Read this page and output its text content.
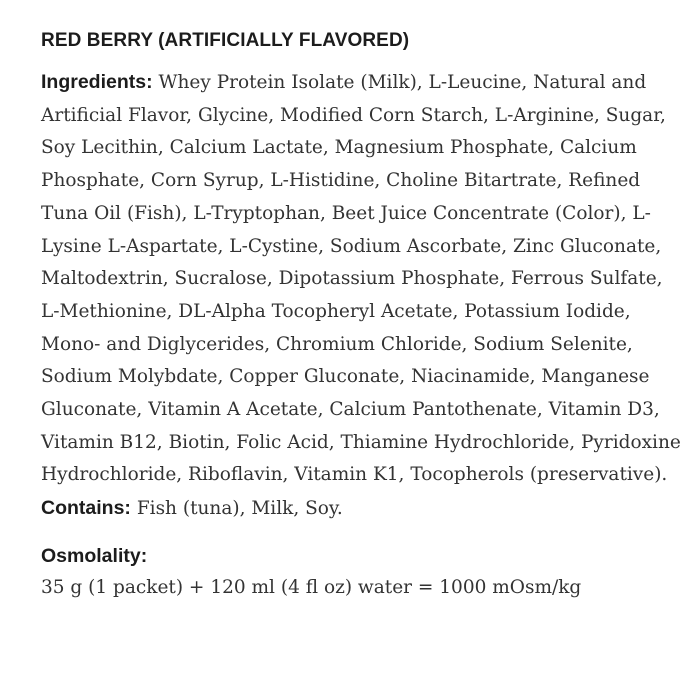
RED BERRY (ARTIFICIALLY FLAVORED)

Ingredients: Whey Protein Isolate (Milk), L-Leucine, Natural and Artificial Flavor, Glycine, Modified Corn Starch, L-Arginine, Sugar, Soy Lecithin, Calcium Lactate, Magnesium Phosphate, Calcium Phosphate, Corn Syrup, L-Histidine, Choline Bitartrate, Refined Tuna Oil (Fish), L-Tryptophan, Beet Juice Concentrate (Color), L-Lysine L-Aspartate, L-Cystine, Sodium Ascorbate, Zinc Gluconate, Maltodextrin, Sucralose, Dipotassium Phosphate, Ferrous Sulfate, L-Methionine, DL-Alpha Tocopheryl Acetate, Potassium Iodide, Mono- and Diglycerides, Chromium Chloride, Sodium Selenite, Sodium Molybdate, Copper Gluconate, Niacinamide, Manganese Gluconate, Vitamin A Acetate, Calcium Pantothenate, Vitamin D3, Vitamin B12, Biotin, Folic Acid, Thiamine Hydrochloride, Pyridoxine Hydrochloride, Riboflavin, Vitamin K1, Tocopherols (preservative).

Contains: Fish (tuna), Milk, Soy.

Osmolality:

35 g (1 packet) + 120 ml (4 fl oz) water = 1000 mOsm/kg
